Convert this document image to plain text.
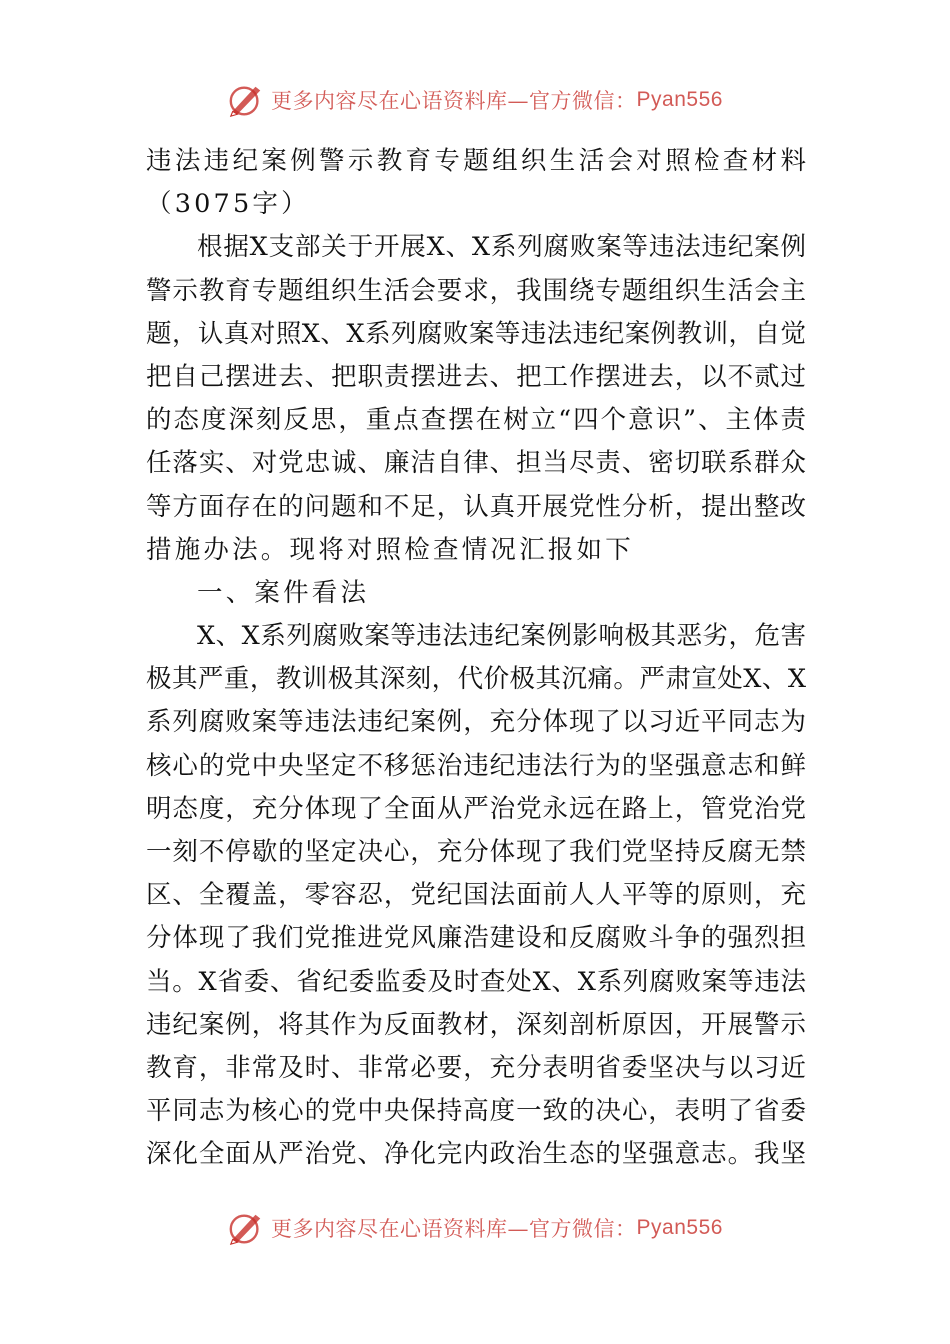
更多内容尽在心语资料库—官方微信： Pyan556
违法违纪案例警示教育专题组织生活会对照检查材料
（3075字）
根据X支部关于开展X、X系列腐败案等违法违纪案例
警示教育专题组织生活会要求，我围绕专题组织生活会主
题，认真对照X、X系列腐败案等违法违纪案例教训，自觉
把自己摆进去、把职责摆进去、把工作摆进去，以不贰过
的态度深刻反思，重点查摆在树立“四个意识”、主体责
任落实、对党忠诚、廉洁自律、担当尽责、密切联系群众
等方面存在的问题和不足，认真开展党性分析，提出整改
措施办法。现将对照检查情况汇报如下
一、案件看法
X、X系列腐败案等违法违纪案例影响极其恶劣，危害
极其严重，教训极其深刻，代价极其沉痛。严肃宣处X、X
系列腐败案等违法违纪案例，充分体现了以习近平同志为
核心的党中央坚定不移惩治违纪违法行为的坚强意志和鲜
明态度，充分体现了全面从严治党永远在路上，管党治党
一刻不停歇的坚定决心，充分体现了我们党坚持反腐无禁
区、全覆盖，零容忍，党纪国法面前人人平等的原则，充
分体现了我们党推进党风廉浩建设和反腐败斗争的强烈担
当。X省委、省纪委监委及时查处X、X系列腐败案等违法
违纪案例，将其作为反面教材，深刻剖析原因，开展警示
教育，非常及时、非常必要，充分表明省委坚决与以习近
平同志为核心的党中央保持高度一致的决心，表明了省委
深化全面从严治党、净化完内政治生态的坚强意志。我坚
更多内容尽在心语资料库—官方微信： Pyan556
